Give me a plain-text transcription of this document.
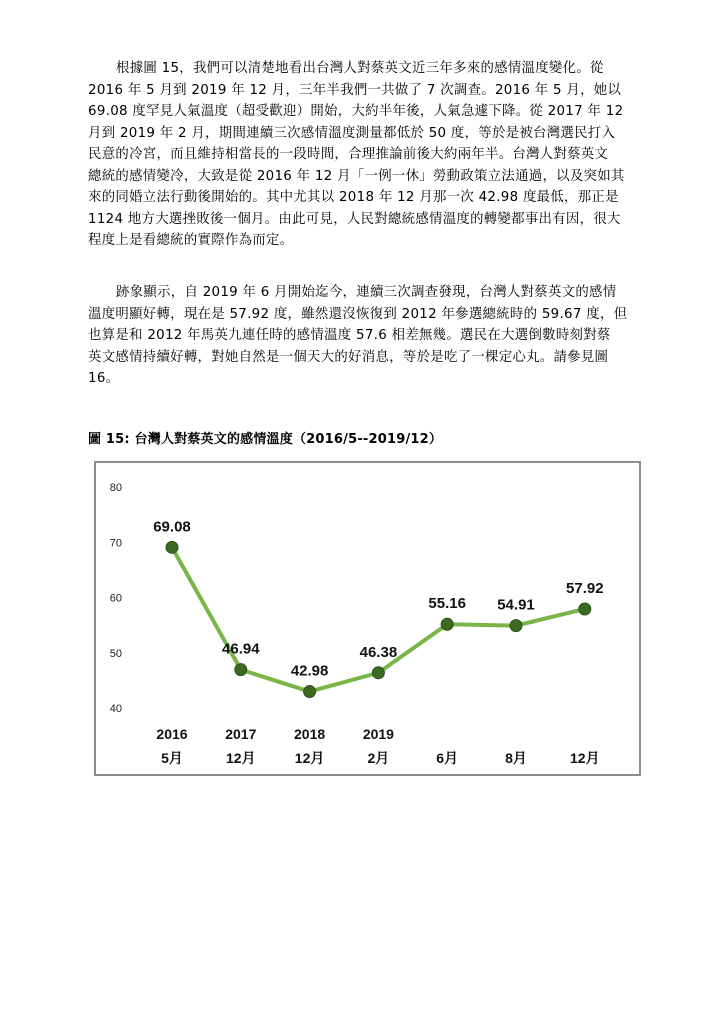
根據圖 15，我們可以清楚地看出台灣人對蔡英文近三年多來的感情溫度變化。從
2016 年 5 月到 2019 年 12 月，三年半我們一共做了 7 次調查。2016 年 5 月，她以
69.08 度罕見人氣溫度（超受歡迎）開始，大約半年後，人氣急遽下降。從 2017 年 12
月到 2019 年 2 月，期間連續三次感情溫度測量都低於 50 度，等於是被台灣選民打入
民意的冷宮，而且維持相當長的一段時間，合理推論前後大約兩年半。台灣人對蔡英文
總統的感情變冷，大致是從 2016 年 12 月「一例一休」勞動政策立法通過，以及突如其
來的同婚立法行動後開始的。其中尤其以 2018 年 12 月那一次 42.98 度最低，那正是
1124 地方大選挫敗後一個月。由此可見，人民對總統感情溫度的轉變都事出有因，很大
程度上是看總統的實際作為而定。

跡象顯示，自 2019 年 6 月開始迄今，連續三次調查發現，台灣人對蔡英文的感情
溫度明顯好轉，現在是 57.92 度，雖然還沒恢復到 2012 年參選總統時的 59.67 度，但
也算是和 2012 年馬英九連任時的感情溫度 57.6 相差無幾。選民在大選倒數時刻對蔡
英文感情持續好轉，對她自然是一個天大的好消息，等於是吃了一棵定心丸。請參見圖
16。

圖 15: 台灣人對蔡英文的感情溫度（2016/5--2019/12）
40
50
60
70
80
69.08
46.94
42.98
46.38
55.16 54.91
57.92
2016
5月
2017
12月
2018
12月
2019
2月	6月	8月	12月
